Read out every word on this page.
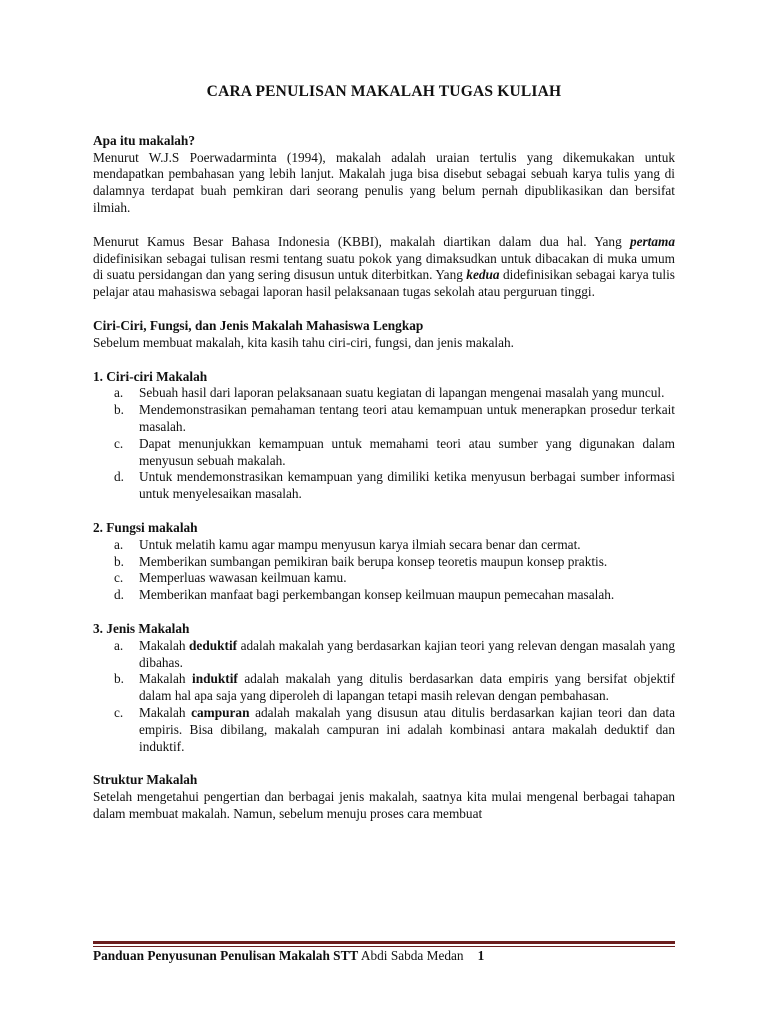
CARA PENULISAN MAKALAH TUGAS KULIAH
Apa itu makalah?

Menurut W.J.S Poerwadarminta (1994), makalah adalah uraian tertulis yang dikemukakan untuk mendapatkan pembahasan yang lebih lanjut. Makalah juga bisa disebut sebagai sebuah karya tulis yang di dalamnya terdapat buah pemkiran dari seorang penulis yang belum pernah dipublikasikan dan bersifat ilmiah.

Menurut Kamus Besar Bahasa Indonesia (KBBI), makalah diartikan dalam dua hal. Yang pertama didefinisikan sebagai tulisan resmi tentang suatu pokok yang dimaksudkan untuk dibacakan di muka umum di suatu persidangan dan yang sering disusun untuk diterbitkan. Yang kedua didefinisikan sebagai karya tulis pelajar atau mahasiswa sebagai laporan hasil pelaksanaan tugas sekolah atau perguruan tinggi.

Ciri-Ciri, Fungsi, dan Jenis Makalah Mahasiswa Lengkap

Sebelum membuat makalah, kita kasih tahu ciri-ciri, fungsi, dan jenis makalah.

1. Ciri-ciri Makalah
a. Sebuah hasil dari laporan pelaksanaan suatu kegiatan di lapangan mengenai masalah yang muncul.
b. Mendemonstrasikan pemahaman tentang teori atau kemampuan untuk menerapkan prosedur terkait masalah.
c. Dapat menunjukkan kemampuan untuk memahami teori atau sumber yang digunakan dalam menyusun sebuah makalah.
d. Untuk mendemonstrasikan kemampuan yang dimiliki ketika menyusun berbagai sumber informasi untuk menyelesaikan masalah.
2. Fungsi makalah
a. Untuk melatih kamu agar mampu menyusun karya ilmiah secara benar dan cermat.
b. Memberikan sumbangan pemikiran baik berupa konsep teoretis maupun konsep praktis.
c. Memperluas wawasan keilmuan kamu.
d. Memberikan manfaat bagi perkembangan konsep keilmuan maupun pemecahan masalah.
3. Jenis Makalah
a. Makalah deduktif adalah makalah yang berdasarkan kajian teori yang relevan dengan masalah yang dibahas.
b. Makalah induktif adalah makalah yang ditulis berdasarkan data empiris yang bersifat objektif dalam hal apa saja yang diperoleh di lapangan tetapi masih relevan dengan pembahasan.
c. Makalah campuran adalah makalah yang disusun atau ditulis berdasarkan kajian teori dan data empiris. Bisa dibilang, makalah campuran ini adalah kombinasi antara makalah deduktif dan induktif.
Struktur Makalah

Setelah mengetahui pengertian dan berbagai jenis makalah, saatnya kita mulai mengenal berbagai tahapan dalam membuat makalah. Namun, sebelum menuju proses cara membuat

Panduan Penyusunan Penulisan Makalah STT Abdi Sabda Medan 1
